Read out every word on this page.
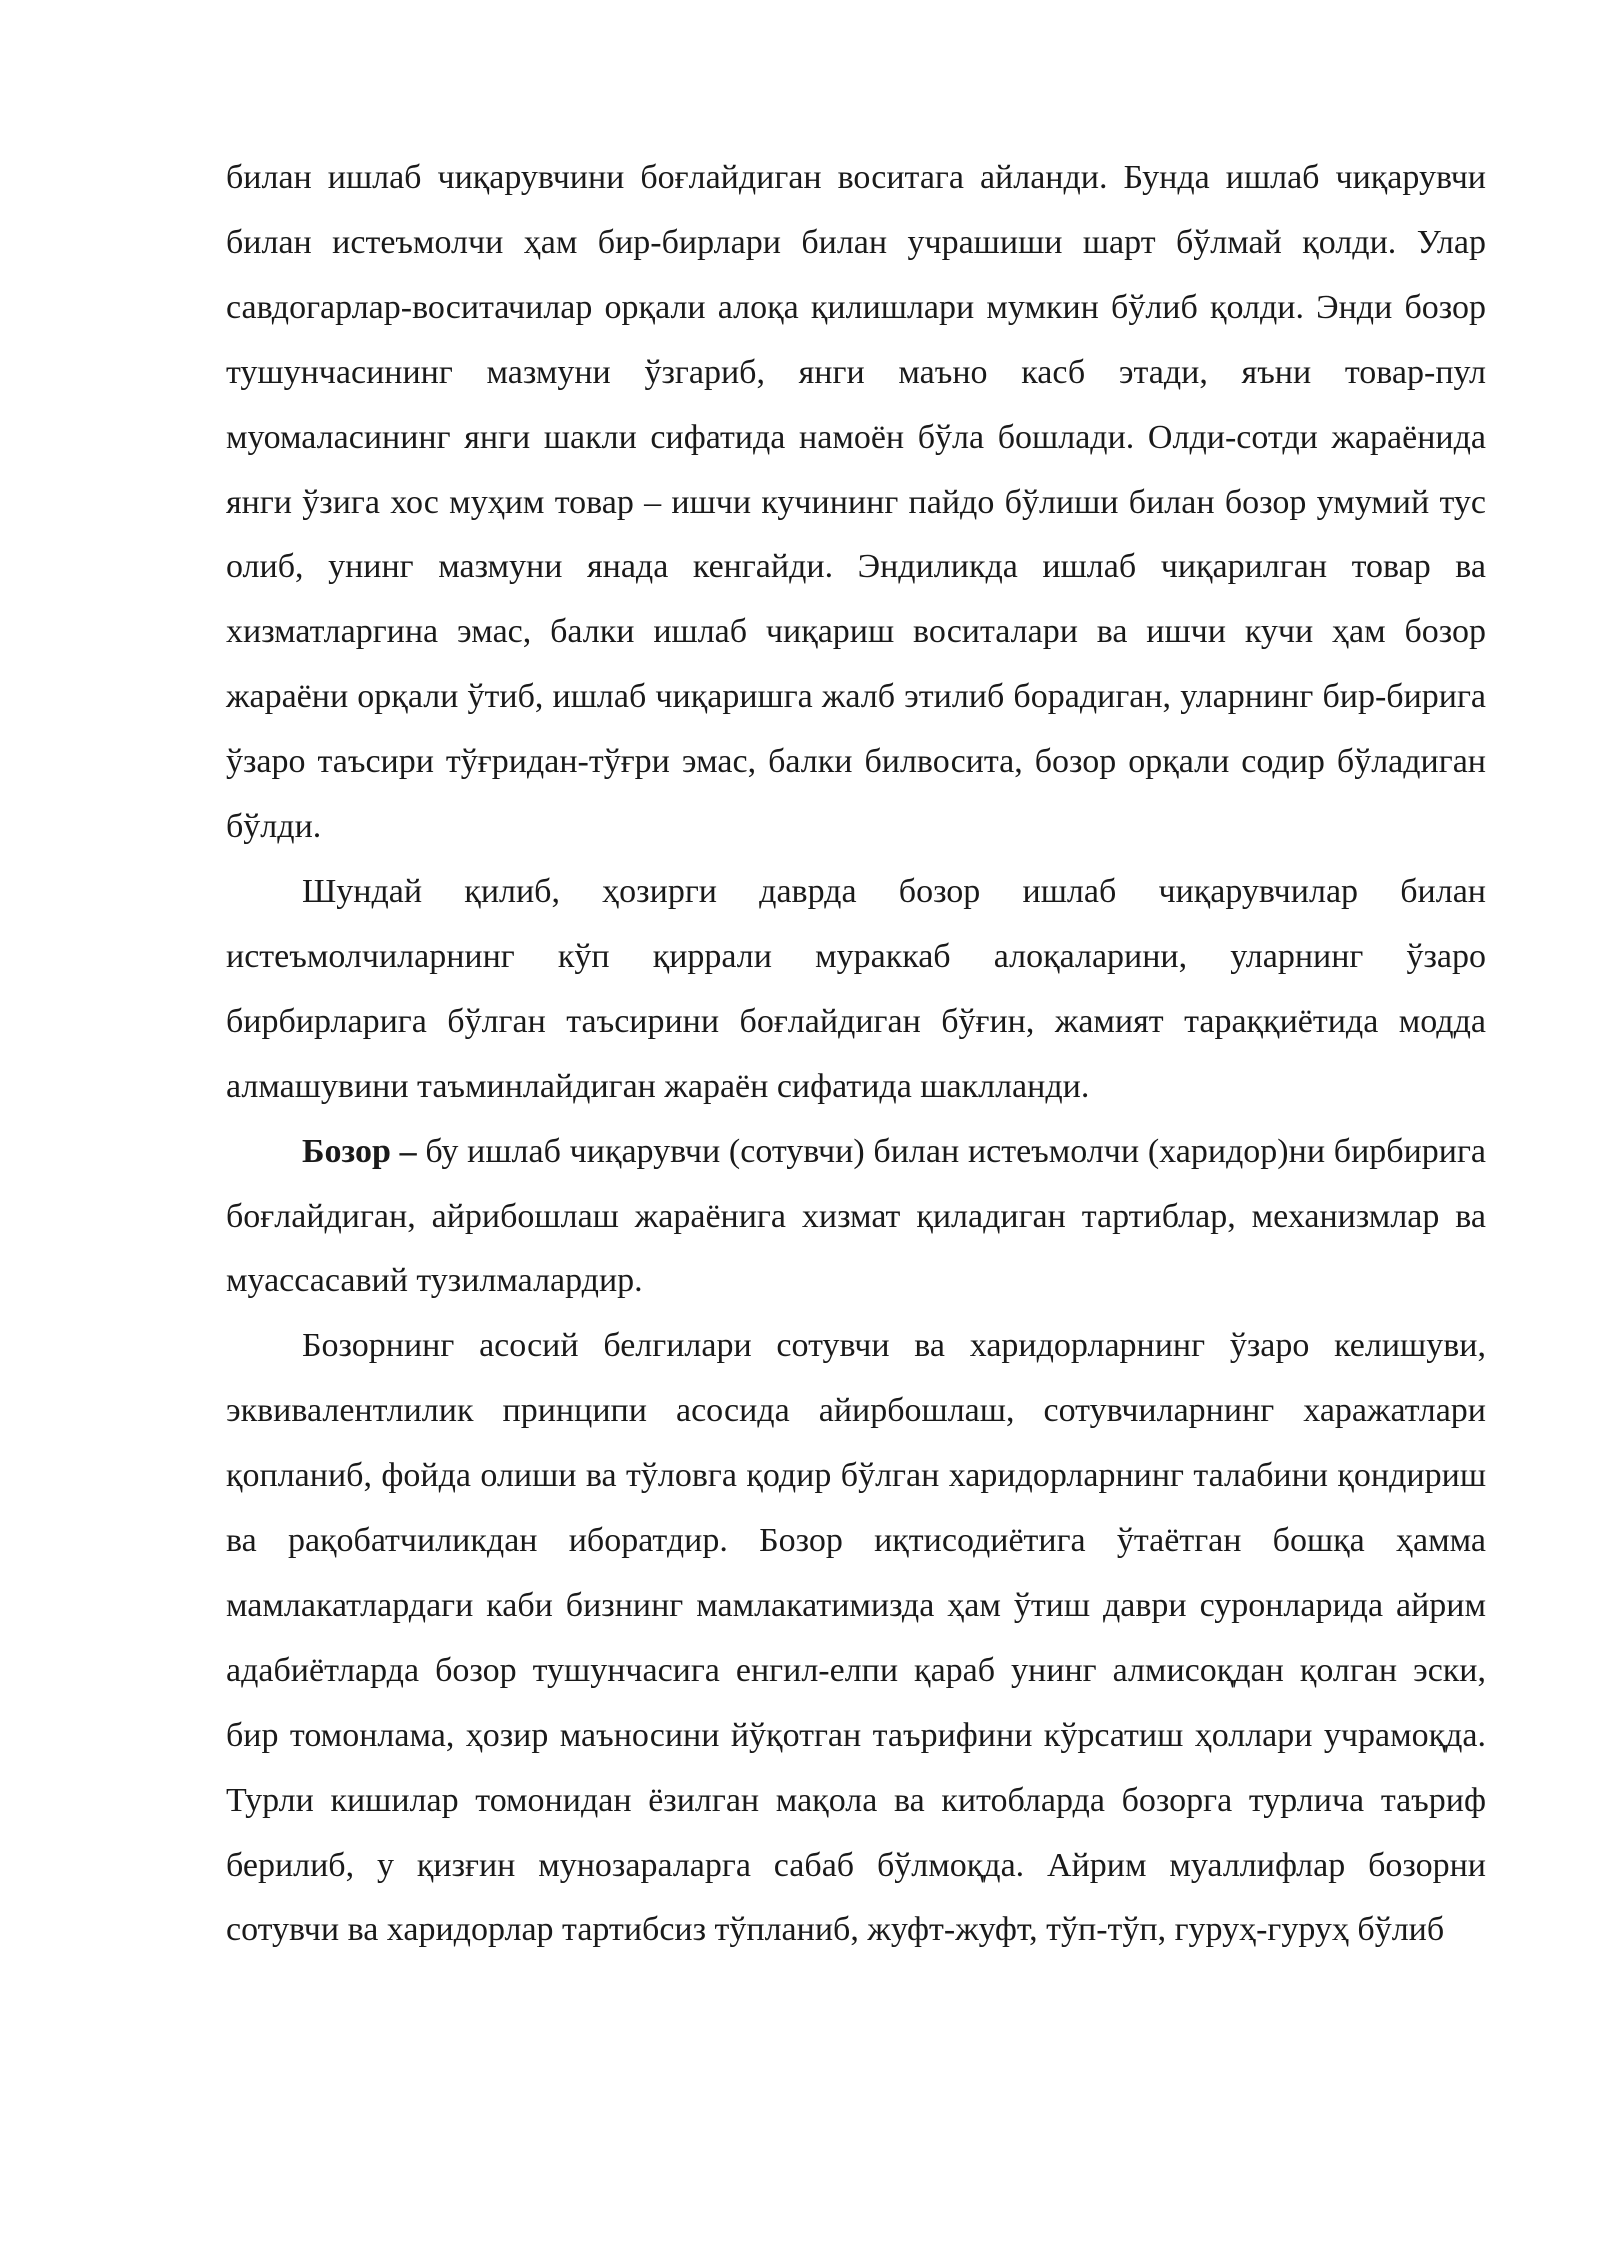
билан ишлаб чиқарувчини боғлайдиган воситага айланди. Бунда ишлаб чиқарувчи билан истеъмолчи ҳам бир-бирлари билан учрашиши шарт бўлмай қолди. Улар савдогарлар-воситачилар орқали алоқа қилишлари мумкин бўлиб қолди. Энди бозор тушунчасининг мазмуни ўзгариб, янги маъно касб этади, яъни товар-пул муомаласининг янги шакли сифатида намоён бўла бошлади. Олди-сотди жараёнида янги ўзига хос муҳим товар – ишчи кучининг пайдо бўлиши билан бозор умумий тус олиб, унинг мазмуни янада кенгайди. Эндиликда ишлаб чиқарилган товар ва хизматларгина эмас, балки ишлаб чиқариш воситалари ва ишчи кучи ҳам бозор жараёни орқали ўтиб, ишлаб чиқаришга жалб этилиб борадиган, уларнинг бир-бирига ўзаро таъсири тўғридан-тўғри эмас, балки билвосита, бозор орқали содир бўладиган бўлди.

Шундай қилиб, ҳозирги даврда бозор ишлаб чиқарувчилар билан истеъмолчиларнинг кўп қиррали мураккаб алоқаларини, уларнинг ўзаро бирбирларига бўлган таъсирини боғлайдиган бўғин, жамият тараққиётида модда алмашувини таъминлайдиган жараён сифатида шаклланди.

Бозор – бу ишлаб чиқарувчи (сотувчи) билан истеъмолчи (харидор)ни бирбирига боғлайдиган, айрибошлаш жараёнига хизмат қиладиган тартиблар, механизмлар ва муассасавий тузилмалардир.

Бозорнинг асосий белгилари сотувчи ва харидорларнинг ўзаро келишуви, эквивалентлилик принципи асосида айирбошлаш, сотувчиларнинг харажатлари қопланиб, фойда олиши ва тўловга қодир бўлган харидорларнинг талабини қондириш ва рақобатчиликдан иборатдир. Бозор иқтисодиётига ўтаётган бошқа ҳамма мамлакатлардаги каби бизнинг мамлакатимизда ҳам ўтиш даври суронларида айрим адабиётларда бозор тушунчасига енгил-елпи қараб унинг алмисоқдан қолган эски, бир томонлама, ҳозир маъносини йўқотган таърифини кўрсатиш ҳоллари учрамоқда. Турли кишилар томонидан ёзилган мақола ва китобларда бозорга турлича таъриф берилиб, у қизғин мунозараларга сабаб бўлмоқда. Айрим муаллифлар бозорни сотувчи ва харидорлар тартибсиз тўпланиб, жуфт-жуфт, тўп-тўп, гуруҳ-гуруҳ бўлиб
